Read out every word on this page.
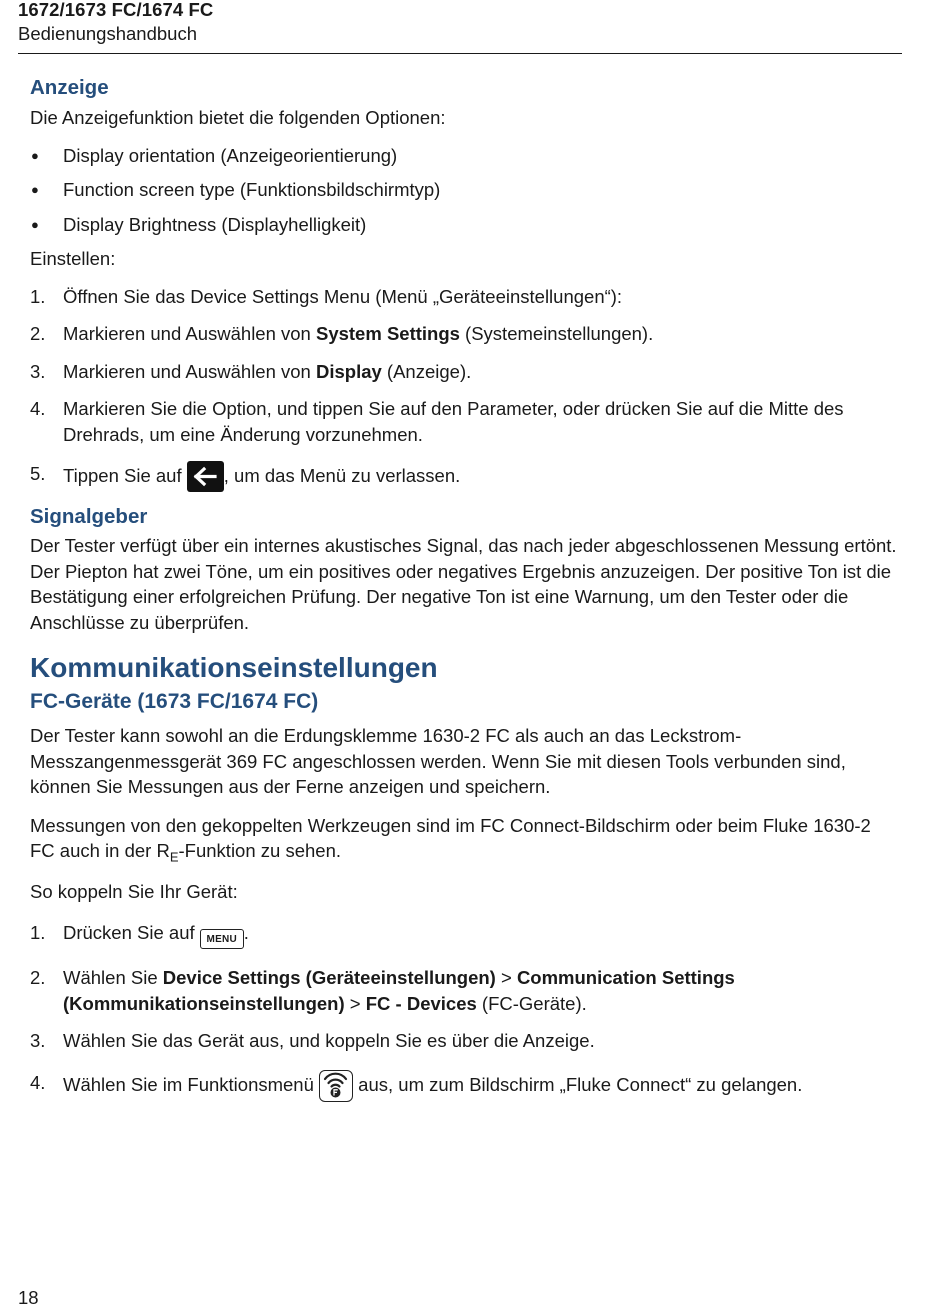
1672/1673 FC/1674 FC
Bedienungshandbuch
Anzeige

Die Anzeigefunktion bietet die folgenden Optionen:

● Display orientation (Anzeigeorientierung)
● Function screen type (Funktionsbildschirmtyp)
● Display Brightness (Displayhelligkeit)

Einstellen:

1. Öffnen Sie das Device Settings Menu (Menü „Geräteeinstellungen“):
2. Markieren und Auswählen von System Settings (Systemeinstellungen).
3. Markieren und Auswählen von Display (Anzeige).
4. Markieren Sie die Option, und tippen Sie auf den Parameter, oder drücken Sie auf die Mitte des Drehrads, um eine Änderung vorzunehmen.
5. Tippen Sie auf
, um das Menü zu verlassen.
Signalgeber

Der Tester verfügt über ein internes akustisches Signal, das nach jeder abgeschlossenen Messung ertönt. Der Piepton hat zwei Töne, um ein positives oder negatives Ergebnis anzuzeigen. Der positive Ton ist die Bestätigung einer erfolgreichen Prüfung. Der negative Ton ist eine Warnung, um den Tester oder die Anschlüsse zu überprüfen.

Kommunikationseinstellungen
FC-Geräte (1673 FC/1674 FC)

Der Tester kann sowohl an die Erdungsklemme 1630-2 FC als auch an das Leckstrom-Messzangenmessgerät 369 FC angeschlossen werden. Wenn Sie mit diesen Tools verbunden sind, können Sie Messungen aus der Ferne anzeigen und speichern.

Messungen von den gekoppelten Werkzeugen sind im FC Connect-Bildschirm oder beim Fluke 1630-2 FC auch in der $R_E$-Funktion zu sehen.

So koppeln Sie Ihr Gerät:

1. Drücken Sie auf MENU .
2. Wählen Sie Device Settings (Geräteeinstellungen) > Communication Settings (Kommunikationseinstellungen) > FC - Devices (FC-Geräte).
3. Wählen Sie das Gerät aus, und koppeln Sie es über die Anzeige.
4. Wählen Sie im Funktionsmenü
aus, um zum Bildschirm „Fluke Connect“ zu gelangen.
18
